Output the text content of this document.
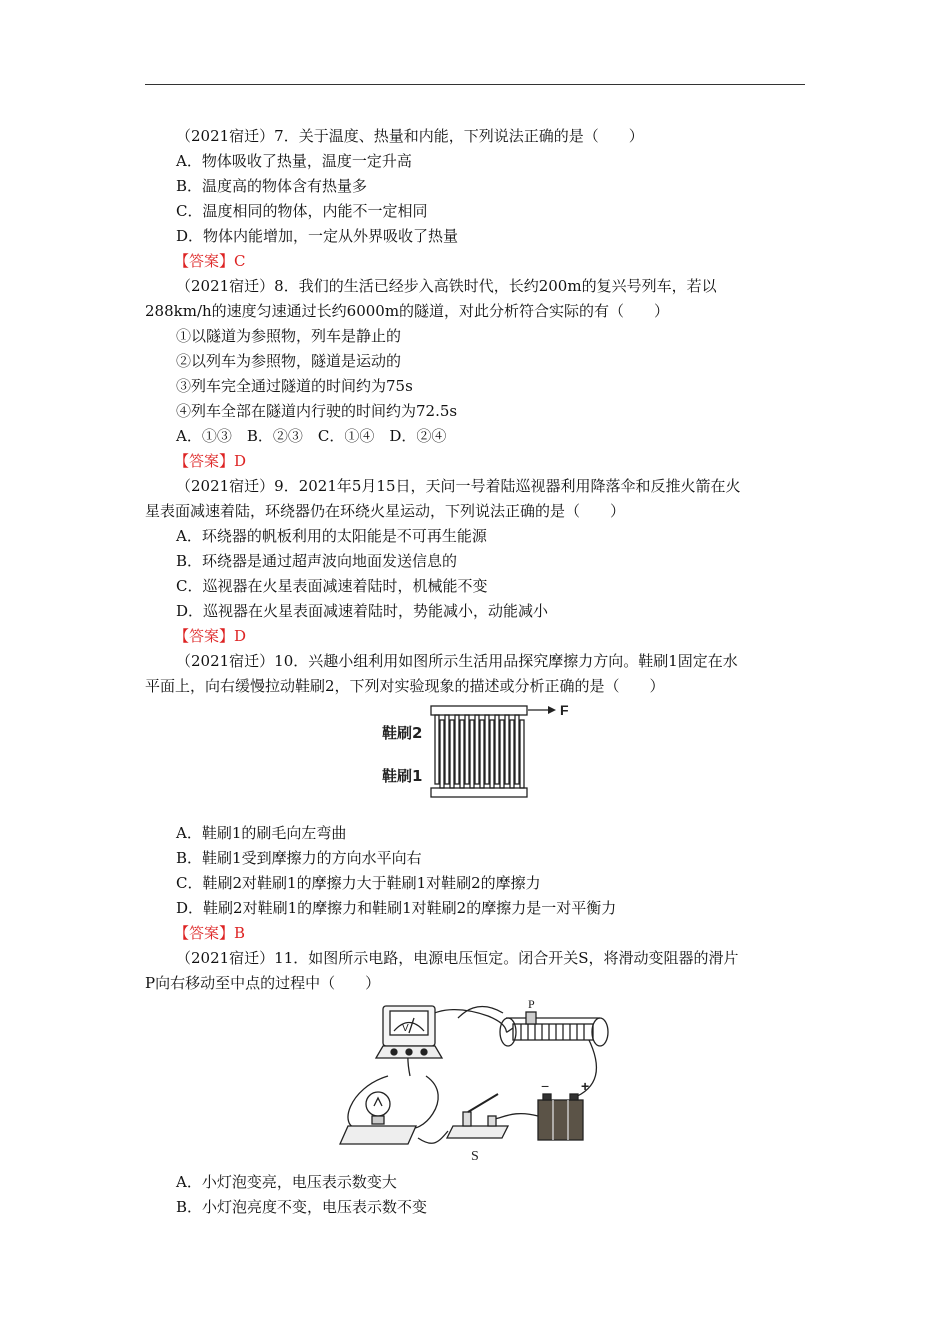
（2021宿迁）7．关于温度、热量和内能，下列说法正确的是（　　）
A．物体吸收了热量，温度一定升高
B．温度高的物体含有热量多
C．温度相同的物体，内能不一定相同
D．物体内能增加，一定从外界吸收了热量
【答案】C
（2021宿迁）8．我们的生活已经步入高铁时代，长约200m的复兴号列车，若以
288km/h的速度匀速通过长约6000m的隧道，对此分析符合实际的有（　　）
①以隧道为参照物，列车是静止的
②以列车为参照物，隧道是运动的
③列车完全通过隧道的时间约为75s
④列车全部在隧道内行驶的时间约为72.5s
A．①③　B．②③　C．①④　D．②④
【答案】D
（2021宿迁）9．2021年5月15日，天问一号着陆巡视器利用降落伞和反推火箭在火
星表面减速着陆，环绕器仍在环绕火星运动，下列说法正确的是（　　）
A．环绕器的帆板利用的太阳能是不可再生能源
B．环绕器是通过超声波向地面发送信息的
C．巡视器在火星表面减速着陆时，机械能不变
D．巡视器在火星表面减速着陆时，势能减小，动能减小
【答案】D
（2021宿迁）10．兴趣小组利用如图所示生活用品探究摩擦力方向。鞋刷1固定在水
平面上，向右缓慢拉动鞋刷2，下列对实验现象的描述或分析正确的是（　　）
F
鞋刷2
鞋刷1
A．鞋刷1的刷毛向左弯曲
B．鞋刷1受到摩擦力的方向水平向右
C．鞋刷2对鞋刷1的摩擦力大于鞋刷1对鞋刷2的摩擦力
D．鞋刷2对鞋刷1的摩擦力和鞋刷1对鞋刷2的摩擦力是一对平衡力
【答案】B
（2021宿迁）11．如图所示电路，电源电压恒定。闭合开关S，将滑动变阻器的滑片
P向右移动至中点的过程中（　　）
V
P
+
−
S
A．小灯泡变亮，电压表示数变大
B．小灯泡亮度不变，电压表示数不变
